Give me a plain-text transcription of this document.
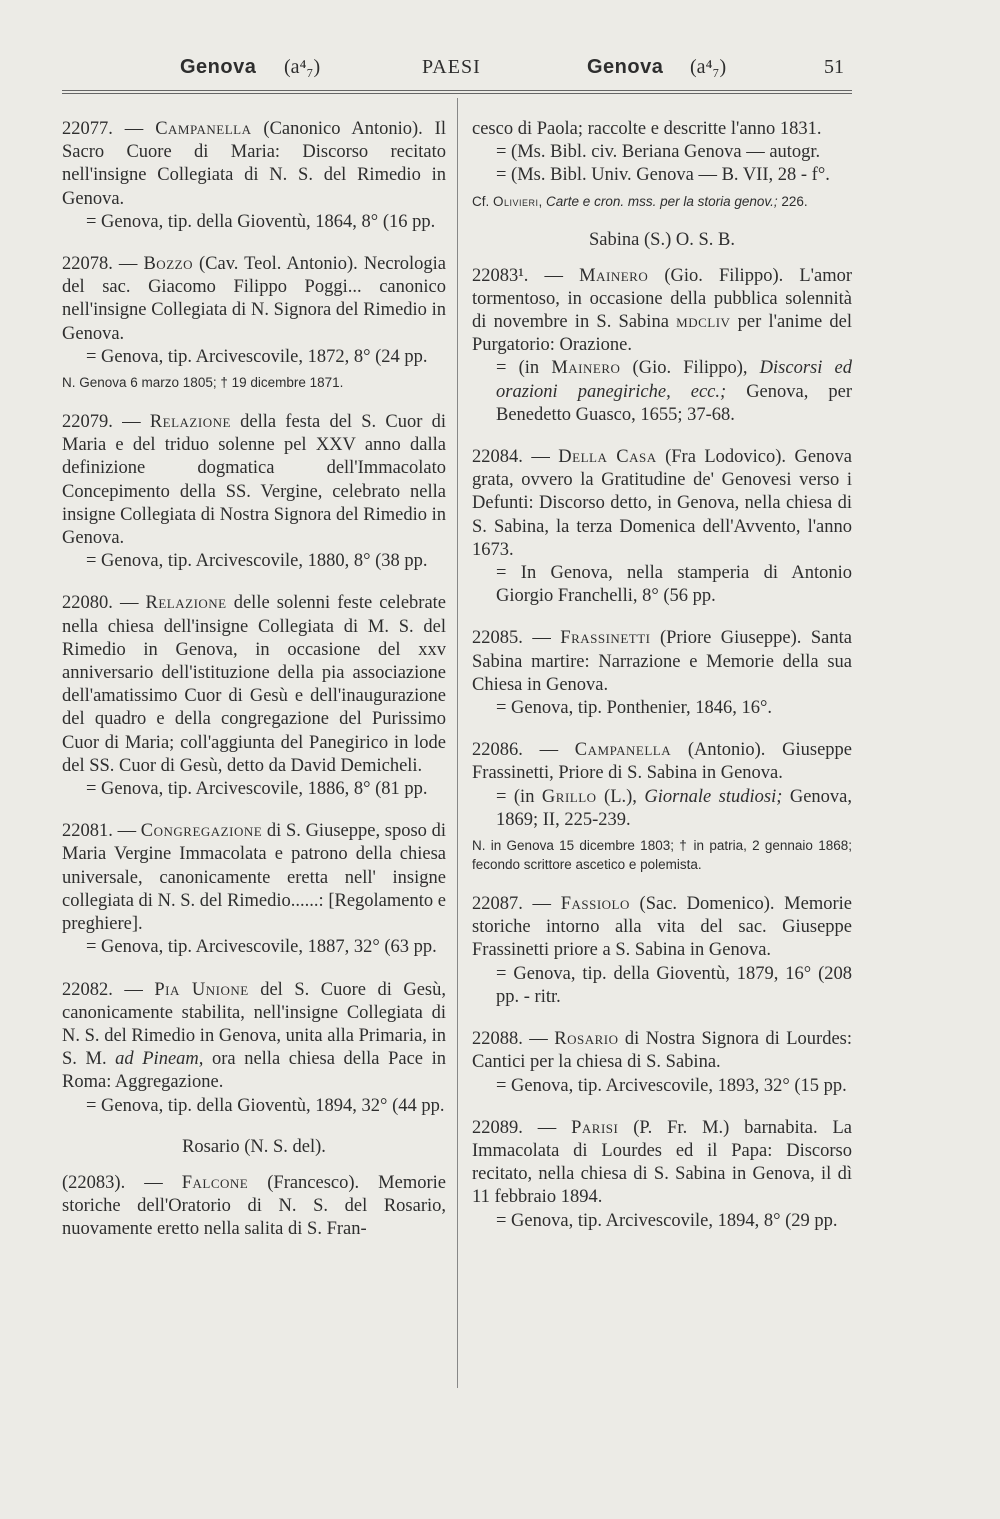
Genova (a⁴₇)	PAESI	Genova (a⁴₇)	51

22077. — Campanella (Canonico Antonio). Il Sacro Cuore di Maria: Discorso recitato nell'insigne Collegiata di N. S. del Rimedio in Genova.

= Genova, tip. della Gioventù, 1864, 8° (16 pp.

22078. — Bozzo (Cav. Teol. Antonio). Necrologia del sac. Giacomo Filippo Poggi... canonico nell'insigne Collegiata di N. Signora del Rimedio in Genova.

= Genova, tip. Arcivescovile, 1872, 8° (24 pp.

N. Genova 6 marzo 1805; † 19 dicembre 1871.

22079. — Relazione della festa del S. Cuor di Maria e del triduo solenne pel XXV anno dalla definizione dogmatica dell'Immacolato Concepimento della SS. Vergine, celebrato nella insigne Collegiata di Nostra Signora del Rimedio in Genova.

= Genova, tip. Arcivescovile, 1880, 8° (38 pp.

22080. — Relazione delle solenni feste celebrate nella chiesa dell'insigne Collegiata di M. S. del Rimedio in Genova, in occasione del xxv anniversario dell'istituzione della pia associazione dell'amatissimo Cuor di Gesù e dell'inaugurazione del quadro e della congregazione del Purissimo Cuor di Maria; coll'aggiunta del Panegirico in lode del SS. Cuor di Gesù, detto da David Demicheli.

= Genova, tip. Arcivescovile, 1886, 8° (81 pp.

22081. — Congregazione di S. Giuseppe, sposo di Maria Vergine Immacolata e patrono della chiesa universale, canonicamente eretta nell' insigne collegiata di N. S. del Rimedio......: [Regolamento e preghiere].

= Genova, tip. Arcivescovile, 1887, 32° (63 pp.

22082. — Pia Unione del S. Cuore di Gesù, canonicamente stabilita, nell'insigne Collegiata di N. S. del Rimedio in Genova, unita alla Primaria, in S. M. ad Pineam, ora nella chiesa della Pace in Roma: Aggregazione.

= Genova, tip. della Gioventù, 1894, 32° (44 pp.

Rosario (N. S. del).

(22083). — Falcone (Francesco). Memorie storiche dell'Oratorio di N. S. del Rosario, nuovamente eretto nella salita di S. Fran-

cesco di Paola; raccolte e descritte l'anno 1831.

= (Ms. Bibl. civ. Beriana Genova — autogr.

= (Ms. Bibl. Univ. Genova — B. VII, 28 - f°.

Cf. Olivieri, Carte e cron. mss. per la storia genov.; 226.

Sabina (S.) O. S. B.

22083¹. — Mainero (Gio. Filippo). L'amor tormentoso, in occasione della pubblica solennità di novembre in S. Sabina mdcliv per l'anime del Purgatorio: Orazione.

= (in Mainero (Gio. Filippo), Discorsi ed orazioni panegiriche, ecc.; Genova, per Benedetto Guasco, 1655; 37-68.

22084. — Della Casa (Fra Lodovico). Genova grata, ovvero la Gratitudine de' Genovesi verso i Defunti: Discorso detto, in Genova, nella chiesa di S. Sabina, la terza Domenica dell'Avvento, l'anno 1673.

= In Genova, nella stamperia di Antonio Giorgio Franchelli, 8° (56 pp.

22085. — Frassinetti (Priore Giuseppe). Santa Sabina martire: Narrazione e Memorie della sua Chiesa in Genova.

= Genova, tip. Ponthenier, 1846, 16°.

22086. — Campanella (Antonio). Giuseppe Frassinetti, Priore di S. Sabina in Genova.

= (in Grillo (L.), Giornale studiosi; Genova, 1869; II, 225-239.

N. in Genova 15 dicembre 1803; † in patria, 2 gennaio 1868; fecondo scrittore ascetico e polemista.

22087. — Fassiolo (Sac. Domenico). Memorie storiche intorno alla vita del sac. Giuseppe Frassinetti priore a S. Sabina in Genova.

= Genova, tip. della Gioventù, 1879, 16° (208 pp. - ritr.

22088. — Rosario di Nostra Signora di Lourdes: Cantici per la chiesa di S. Sabina.

= Genova, tip. Arcivescovile, 1893, 32° (15 pp.

22089. — Parisi (P. Fr. M.) barnabita. La Immacolata di Lourdes ed il Papa: Discorso recitato, nella chiesa di S. Sabina in Genova, il dì 11 febbraio 1894.

= Genova, tip. Arcivescovile, 1894, 8° (29 pp.
